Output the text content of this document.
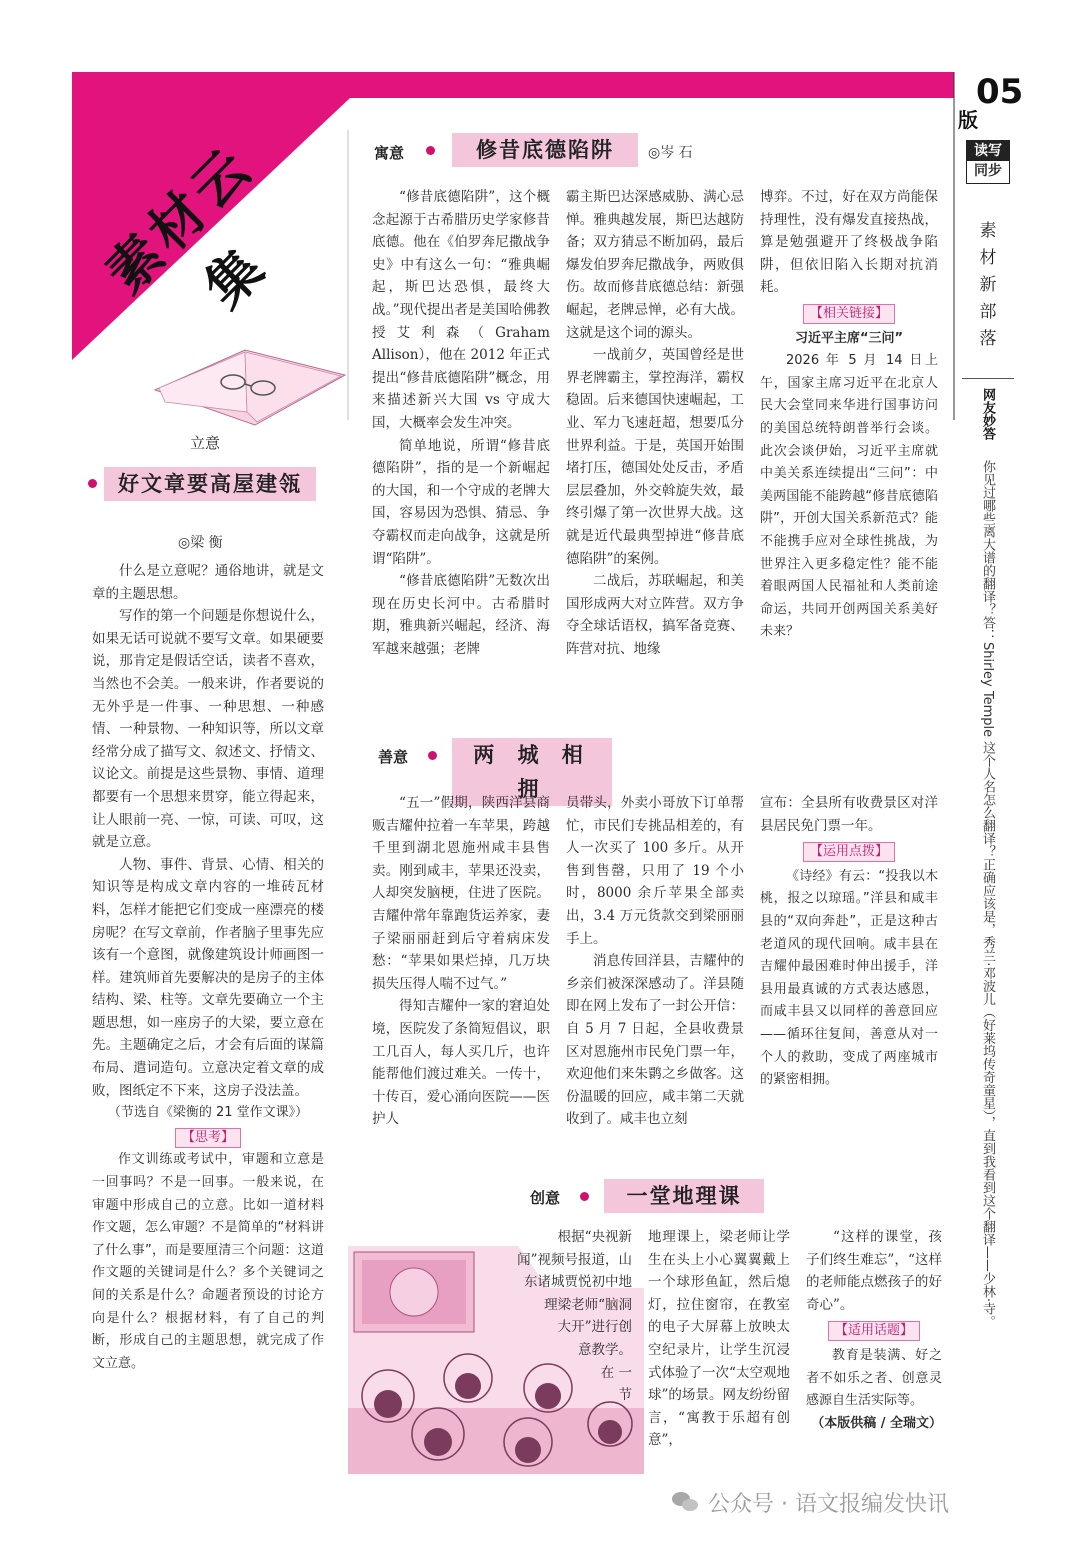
素材云集
05
版
读写
同步
素
材
新
部
落
网友妙答
你见过哪些离大谱的翻译？答：Shirley Temple 这个人名怎么翻译？正确应该是，秀兰·邓波儿（好莱坞传奇童星），直到我看到这个翻译——少林·寺。
立意
好文章要高屋建瓴
◎梁 衡

什么是立意呢？通俗地讲，就是文章的主题思想。

写作的第一个问题是你想说什么，如果无话可说就不要写文章。如果硬要说，那肯定是假话空话，读者不喜欢，当然也不会美。一般来讲，作者要说的无外乎是一件事、一种思想、一种感情、一种景物、一种知识等，所以文章经常分成了描写文、叙述文、抒情文、议论文。前提是这些景物、事情、道理都要有一个思想来贯穿，能立得起来，让人眼前一亮、一惊，可读、可叹，这就是立意。

人物、事件、背景、心情、相关的知识等是构成文章内容的一堆砖瓦材料，怎样才能把它们变成一座漂亮的楼房呢？在写文章前，作者脑子里事先应该有一个意图，就像建筑设计师画图一样。建筑师首先要解决的是房子的主体结构、梁、柱等。文章先要确立一个主题思想，如一座房子的大梁，要立意在先。主题确定之后，才会有后面的谋篇布局、遣词造句。立意决定着文章的成败，图纸定不下来，这房子没法盖。

（节选自《梁衡的 21 堂作文课》）
【思考】

作文训练或考试中，审题和立意是一回事吗？不是一回事。一般来说，在审题中形成自己的立意。比如一道材料作文题，怎么审题？不是简单的“材料讲了什么事”，而是要厘清三个问题：这道作文题的关键词是什么？多个关键词之间的关系是什么？命题者预设的讨论方向是什么？根据材料，有了自己的判断，形成自己的主题思想，就完成了作文立意。

寓意	修昔底德陷阱	◎岑 石

“修昔底德陷阱”，这个概念起源于古希腊历史学家修昔底德。他在《伯罗奔尼撒战争史》中有这么一句：“雅典崛起，斯巴达恐惧，最终大战。”现代提出者是美国哈佛教授艾利森（Graham Allison），他在 2012 年正式提出“修昔底德陷阱”概念，用来描述新兴大国 vs 守成大国，大概率会发生冲突。

简单地说，所谓“修昔底德陷阱”，指的是一个新崛起的大国，和一个守成的老牌大国，容易因为恐惧、猜忌、争夺霸权而走向战争，这就是所谓“陷阱”。

“修昔底德陷阱”无数次出现在历史长河中。古希腊时期，雅典新兴崛起，经济、海军越来越强；老牌

霸主斯巴达深感威胁、满心忌惮。雅典越发展，斯巴达越防备；双方猜忌不断加码，最后爆发伯罗奔尼撒战争，两败俱伤。故而修昔底德总结：新强崛起，老牌忌惮，必有大战。这就是这个词的源头。

一战前夕，英国曾经是世界老牌霸主，掌控海洋，霸权稳固。后来德国快速崛起，工业、军力飞速赶超，想要瓜分世界利益。于是，英国开始围堵打压，德国处处反击，矛盾层层叠加，外交斡旋失效，最终引爆了第一次世界大战。这就是近代最典型掉进“修昔底德陷阱”的案例。

二战后，苏联崛起，和美国形成两大对立阵营。双方争夺全球话语权，搞军备竞赛、阵营对抗、地缘

博弈。不过，好在双方尚能保持理性，没有爆发直接热战，算是勉强避开了终极战争陷阱，但依旧陷入长期对抗消耗。
【相关链接】
习近平主席“三问”

2026 年 5 月 14 日上午，国家主席习近平在北京人民大会堂同来华进行国事访问的美国总统特朗普举行会谈。此次会谈伊始，习近平主席就中美关系连续提出“三问”：中美两国能不能跨越“修昔底德陷阱”，开创大国关系新范式？能不能携手应对全球性挑战，为世界注入更多稳定性？能不能着眼两国人民福祉和人类前途命运，共同开创两国关系美好未来？

善意	两 城 相 拥

“五一”假期，陕西洋县商贩吉耀仲拉着一车苹果，跨越千里到湖北恩施州咸丰县售卖。刚到咸丰，苹果还没卖，人却突发脑梗，住进了医院。吉耀仲常年靠跑货运养家，妻子梁丽丽赶到后守着病床发愁：“苹果如果烂掉，几万块损失压得人喘不过气。”

得知吉耀仲一家的窘迫处境，医院发了条简短倡议，职工几百人，每人买几斤，也许能帮他们渡过难关。一传十，十传百，爱心涌向医院——医护人

员带头，外卖小哥放下订单帮忙，市民们专挑品相差的，有人一次买了 100 多斤。从开售到售罄，只用了 19 个小时，8000 余斤苹果全部卖出，3.4 万元货款交到梁丽丽手上。

消息传回洋县，吉耀仲的乡亲们被深深感动了。洋县随即在网上发布了一封公开信：自 5 月 7 日起，全县收费景区对恩施州市民免门票一年，欢迎他们来朱鹮之乡做客。这份温暖的回应，咸丰第二天就收到了。咸丰也立刻

宣布：全县所有收费景区对洋县居民免门票一年。
【运用点拨】

《诗经》有云：“投我以木桃，报之以琼瑶。”洋县和咸丰县的“双向奔赴”，正是这种古老道风的现代回响。咸丰县在吉耀仲最困难时伸出援手，洋县用最真诚的方式表达感恩，而咸丰县又以同样的善意回应——循环往复间，善意从对一个人的救助，变成了两座城市的紧密相拥。

创意	一堂地理课
根据“央视新
闻”视频号报道，山
东诸城贾悦初中地
理梁老师“脑洞
大开”进行创
意教学。
在 一
节
地理课上，梁老师让学生在头上小心翼翼戴上一个球形鱼缸，然后熄灯，拉住窗帘，在教室的电子大屏幕上放映太空纪录片，让学生沉浸式体验了一次“太空观地球”的场景。网友纷纷留言，“寓教于乐超有创意”，

“这样的课堂，孩子们终生难忘”，“这样的老师能点燃孩子的好奇心”。

【适用话题】

教育是装满、好之者不如乐之者、创意灵感源自生活实际等。

（本版供稿 / 全瑞文）
公众号 · 语文报编发快讯
